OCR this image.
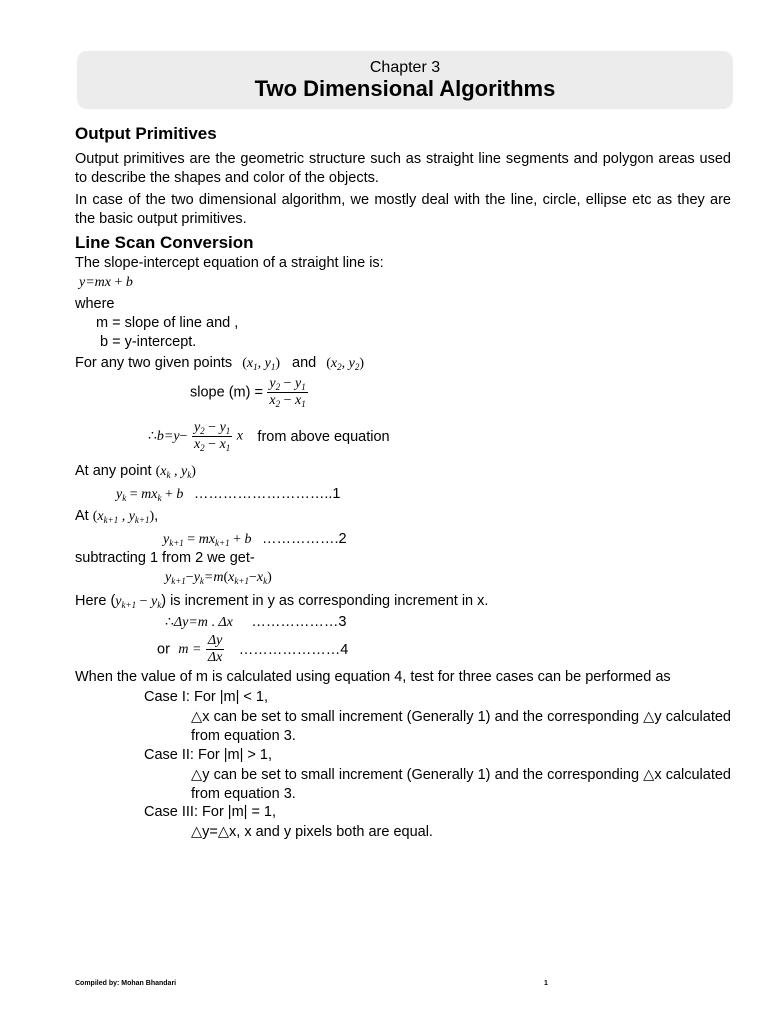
Chapter 3
Two Dimensional Algorithms
Output Primitives
Output primitives are the geometric structure such as straight line segments and polygon areas used to describe the shapes and color of the objects.
In case of the two dimensional algorithm, we mostly deal with the line, circle, ellipse etc as they are the basic output primitives.
Line Scan Conversion
The slope-intercept equation of a straight line is:
y=mx + b
where
m = slope of line and ,
b = y-intercept.
For any two given points ($x_1$, $y_1$) and ($x_2$, $y_2$)
slope $(m) = \frac{y_2 - y_1}{x_2 - x_1}$
∴b=y− $\frac{y_2 - y_1}{x_2 - x_1}$ x from above equation
At any point ($x_k$ , $y_k$)
$y_k = mx_k + b$ ………………………..1
At ($x_{k+1}$ , $y_{k+1}$),
$y_{k+1} = mx_{k+1} + b$ …………….2
subtracting 1 from 2 we get-
$y_{k+1}-y_k=m(x_{k+1}-x_k)$
Here $(y_{k+1} - y_k)$ is increment in y as corresponding increment in x.
∴Δy=m . Δx ………………3
or $m = \frac{\Delta y}{\Delta x}$ …………………4
When the value of m is calculated using equation 4, test for three cases can be performed as
Case I: For |m| < 1,
△x can be set to small increment (Generally 1) and the corresponding △y calculated from equation 3.
Case II: For |m| > 1,
△y can be set to small increment (Generally 1) and the corresponding △x calculated from equation 3.
Case III: For |m| = 1,
△y=△x, x and y pixels both are equal.
Compiled by: Mohan Bhandari	1
